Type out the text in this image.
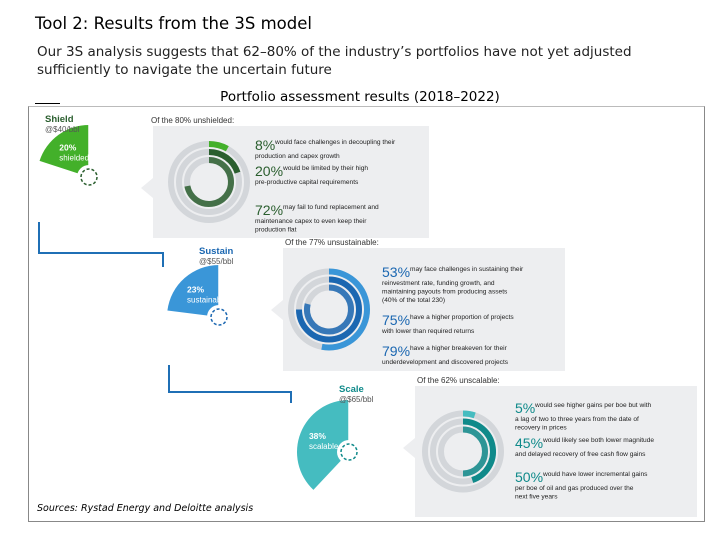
Tool 2: Results from the 3S model
Our 3S analysis suggests that 62–80% of the industry’s portfolios have not yet adjusted sufficiently to navigate the uncertain future
Portfolio assessment results (2018–2022)
Of the 80% unshielded:
20%
shielded
80%
unshielded
Shield
@$40/bbl
8% would face challenges in decoupling their
production and capex growth
20% would be limited by their high
pre-productive capital requirements
72% may fail to fund replacement and
maintenance capex to even keep their
production flat
Of the 77% unsustainable:
23%
sustainable
77%
unsustainable
Sustain
@$55/bbl
53% may face challenges in sustaining their
reinvestment rate, funding growth, and
maintaining payouts from producing assets
(40% of the total 230)
75% have a higher proportion of projects
with lower than required returns
79% have a higher breakeven for their
underdevelopment and discovered projects
Of the 62% unscalable:
38%
scalable
62%
unscalable
Scale
@$65/bbl
5% would see higher gains per boe but with
a lag of two to three years from the date of
recovery in prices
45% would likely see both lower magnitude
and delayed recovery of free cash flow gains
50% would have lower incremental gains
per boe of oil and gas produced over the
next five years
Sources: Rystad Energy and Deloitte analysis
